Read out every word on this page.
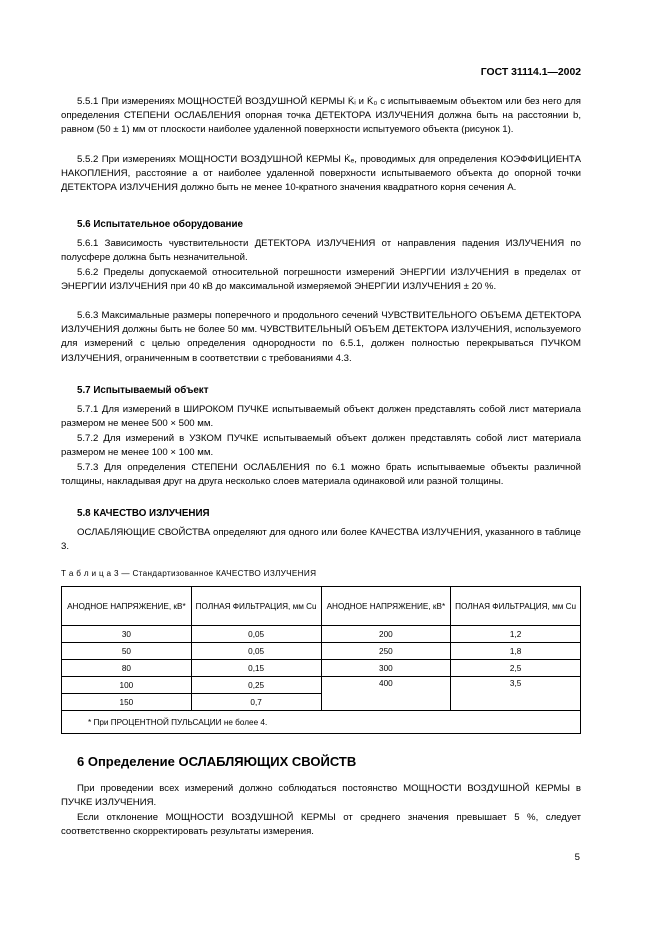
ГОСТ 31114.1—2002
5.5.1 При измерениях МОЩНОСТЕЙ ВОЗДУШНОЙ КЕРМЫ K̇ᵢ и K̇₀ с испытываемым объектом или без него для определения СТЕПЕНИ ОСЛАБЛЕНИЯ опорная точка ДЕТЕКТОРА ИЗЛУЧЕНИЯ должна быть на расстоянии b, равном (50 ± 1) мм от плоскости наиболее удаленной поверхности испытуемого объекта (рисунок 1).
5.5.2 При измерениях МОЩНОСТИ ВОЗДУШНОЙ КЕРМЫ K̇ₑ, проводимых для определения КОЭФФИЦИЕНТА НАКОПЛЕНИЯ, расстояние а от наиболее удаленной поверхности испытываемого объекта до опорной точки ДЕТЕКТОРА ИЗЛУЧЕНИЯ должно быть не менее 10-кратного значения квадратного корня сечения А.
5.6 Испытательное оборудование
5.6.1 Зависимость чувствительности ДЕТЕКТОРА ИЗЛУЧЕНИЯ от направления падения ИЗЛУЧЕНИЯ по полусфере должна быть незначительной.
5.6.2 Пределы допускаемой относительной погрешности измерений ЭНЕРГИИ ИЗЛУЧЕНИЯ в пределах от ЭНЕРГИИ ИЗЛУЧЕНИЯ при 40 кВ до максимальной измеряемой ЭНЕРГИИ ИЗЛУЧЕНИЯ ± 20 %.
5.6.3 Максимальные размеры поперечного и продольного сечений ЧУВСТВИТЕЛЬНОГО ОБЪЕМА ДЕТЕКТОРА ИЗЛУЧЕНИЯ должны быть не более 50 мм. ЧУВСТВИТЕЛЬНЫЙ ОБЪЕМ ДЕТЕКТОРА ИЗЛУЧЕНИЯ, используемого для измерений с целью определения однородности по 6.5.1, должен полностью перекрываться ПУЧКОМ ИЗЛУЧЕНИЯ, ограниченным в соответствии с требованиями 4.3.
5.7 Испытываемый объект
5.7.1 Для измерений в ШИРОКОМ ПУЧКЕ испытываемый объект должен представлять собой лист материала размером не менее 500 × 500 мм.
5.7.2 Для измерений в УЗКОМ ПУЧКЕ испытываемый объект должен представлять собой лист материала размером не менее 100 × 100 мм.
5.7.3 Для определения СТЕПЕНИ ОСЛАБЛЕНИЯ по 6.1 можно брать испытываемые объекты различной толщины, накладывая друг на друга несколько слоев материала одинаковой или разной толщины.
5.8 КАЧЕСТВО ИЗЛУЧЕНИЯ
ОСЛАБЛЯЮЩИЕ СВОЙСТВА определяют для одного или более КАЧЕСТВА ИЗЛУЧЕНИЯ, указанного в таблице 3.
Т а б л и ц а 3 — Стандартизованное КАЧЕСТВО ИЗЛУЧЕНИЯ
АНОДНОЕ НАПРЯЖЕНИЕ, кВ*	ПОЛНАЯ ФИЛЬТРАЦИЯ, мм Cu	АНОДНОЕ НАПРЯЖЕНИЕ, кВ*	ПОЛНАЯ ФИЛЬТРАЦИЯ, мм Cu
30	0,05	200	1,2
50	0,05	250	1,8
80	0,15	300	2,5
100	0,25	400	3,5
150	0,7		
* При ПРОЦЕНТНОЙ ПУЛЬСАЦИИ не более 4.			
6 Определение ОСЛАБЛЯЮЩИХ СВОЙСТВ
При проведении всех измерений должно соблюдаться постоянство МОЩНОСТИ ВОЗДУШНОЙ КЕРМЫ в ПУЧКЕ ИЗЛУЧЕНИЯ.
Если отклонение МОЩНОСТИ ВОЗДУШНОЙ КЕРМЫ от среднего значения превышает 5 %, следует соответственно скорректировать результаты измерения.
5
